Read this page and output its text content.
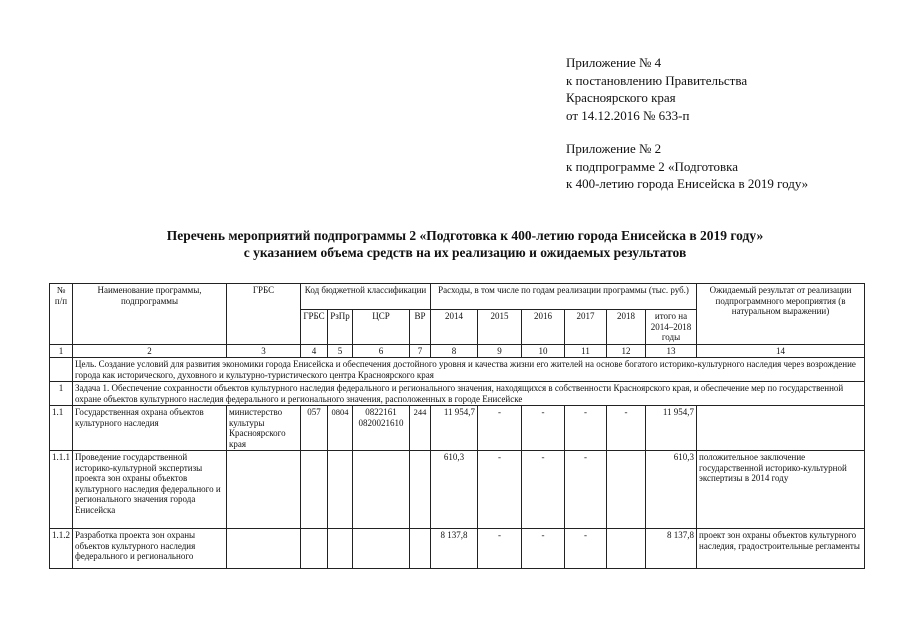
Приложение № 4
к постановлению Правительства
Красноярского края
от 14.12.2016 № 633-п
Приложение № 2
к подпрограмме 2 «Подготовка
к 400-летию города Енисейска в 2019 году»
Перечень мероприятий подпрограммы 2 «Подготовка к 400-летию города Енисейска в 2019 году»
с указанием объема средств на их реализацию и ожидаемых результатов
№ п/п	Наименование программы, подпрограммы	ГРБС	Код бюджетной классификации				Расходы, в том числе по годам реализации программы (тыс. руб.)						Ожидаемый результат от реализации подпрограммного мероприятия (в натуральном выражении)
			ГРБС	РзПр	ЦСР	ВР	2014	2015	2016	2017	2018	итого на 2014–2018 годы	
1	2	3	4	5	6	7	8	9	10	11	12	13	14
	Цель. Создание условий для развития экономики города Енисейска и обеспечения достойного уровня и качества жизни его жителей на основе богатого историко-культурного наследия через возрождение города как исторического, духовного и культурно-туристического центра Красноярского края												
1	Задача 1. Обеспечение сохранности объектов культурного наследия федерального и регионального значения, находящихся в собственности Красноярского края, и обеспечение мер по государственной охране объектов культурного наследия федерального и регионального значения, расположенных в городе Енисейске												
1.1	Государственная охрана объектов культурного наследия	министерство культуры Красноярского края	057	0804	0822161 0820021610	244	11 954,7	-	-	-	-	11 954,7	
1.1.1	Проведение государственной историко-культурной экспертизы проекта зон охраны объектов культурного наследия федерального и регионального значения города Енисейска						610,3	-	-	-		610,3	положительное заключение государственной историко-культурной экспертизы в 2014 году
1.1.2	Разработка проекта зон охраны объектов культурного наследия федерального и регионального						8 137,8	-	-	-		8 137,8	проект зон охраны объектов культурного наследия, градостроительные регламенты
